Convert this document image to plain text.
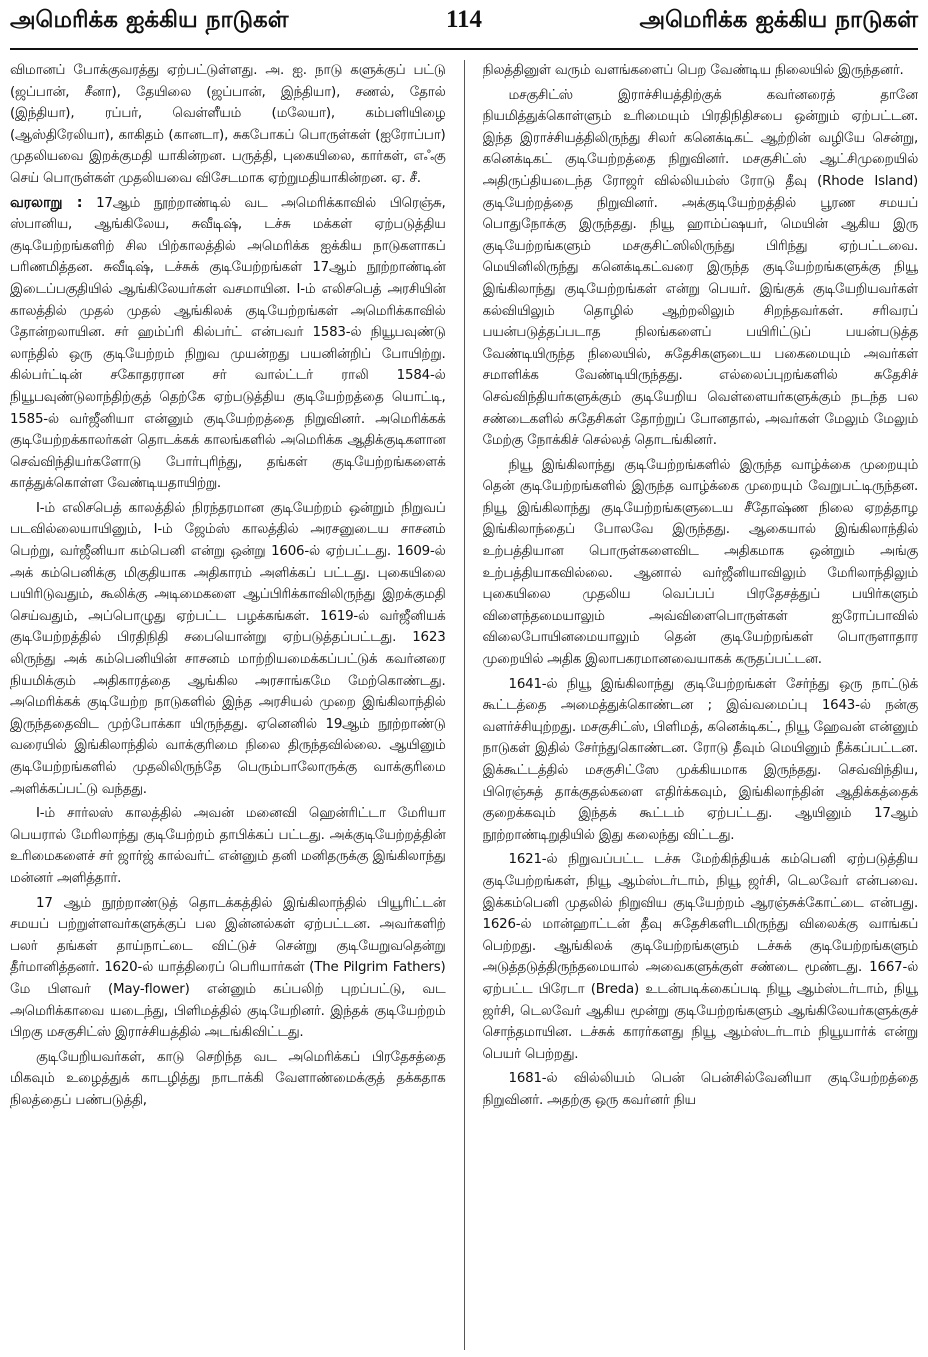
அமெரிக்க ஐக்கிய நாடுகள்	114	அமெரிக்க ஐக்கிய நாடுகள்

விமானப் போக்குவரத்து ஏற்பட்டுள்ளது. அ. ஐ. நாடு களுக்குப் பட்டு (ஜப்பான், சீனா), தேயிலை (ஜப்பான், இந்தியா), சணல், தோல் (இந்தியா), ரப்பர், வெள்ளீயம் (மலேயா), கம்பளியிழை (ஆஸ்திரேலியா), காகிதம் (கானடா), சுகபோகப் பொருள்கள் (ஐரோப்பா) முதலியவை இறக்குமதி யாகின்றன. பருத்தி, புகையிலை, கார்கள், எஃகு செய் பொருள்கள் முதலியவை விசேடமாக ஏற்றுமதியாகின்றன. ஏ. சீ.

வரலாறு : 17ஆம் நூற்றாண்டில் வட அமெரிக்காவில் பிரெஞ்சு, ஸ்பானிய, ஆங்கிலேய, சுவீடிஷ், டச்சு மக்கள் ஏற்படுத்திய குடியேற்றங்களிற் சில பிற்காலத்தில் அமெரிக்க ஐக்கிய நாடுகளாகப் பரிணமித்தன. சுவீடிஷ், டச்சுக் குடியேற்றங்கள் 17ஆம் நூற்றாண்டின் இடைப்பகுதியில் ஆங்கிலேயர்கள் வசமாயின. I-ம் எலிசபெத் அரசியின் காலத்தில் முதல் முதல் ஆங்கிலக் குடியேற்றங்கள் அமெரிக்காவில் தோன்றலாயின. சர் ஹம்ப்ரி கில்பர்ட் என்பவர் 1583-ல் நியூபவுண்டு லாந்தில் ஒரு குடியேற்றம் நிறுவ முயன்றது பயனின்றிப் போயிற்று. கில்பர்ட்டின் சகோதரரான சர் வால்ட்டர் ராலி 1584-ல் நியூபவுண்டுலாந்திற்குத் தெற்கே ஏற்படுத்திய குடியேற்றத்தை யொட்டி, 1585-ல் வர்ஜீனியா என்னும் குடியேற்றத்தை நிறுவினர். அமெரிக்கக் குடியேற்றக்காலர்கள் தொடக்கக் காலங்களில் அமெரிக்க ஆதிக்குடிகளான செவ்விந்தியர்களோடு போர்புரிந்து, தங்கள் குடியேற்றங்களைக் காத்துக்கொள்ள வேண்டியதாயிற்று.

I-ம் எலிசபெத் காலத்தில் நிரந்தரமான குடியேற்றம் ஒன்றும் நிறுவப் படவில்லையாயினும், I-ம் ஜேம்ஸ் காலத்தில் அரசனுடைய சாசனம் பெற்று, வர்ஜீனியா கம்பெனி என்று ஒன்று 1606-ல் ஏற்பட்டது. 1609-ல் அக் கம்பெனிக்கு மிகுதியாக அதிகாரம் அளிக்கப் பட்டது. புகையிலை பயிரிடுவதும், கூலிக்கு அடிமைகளை ஆப்பிரிக்காவிலிருந்து இறக்குமதி செய்வதும், அப்பொழுது ஏற்பட்ட பழக்கங்கள். 1619-ல் வர்ஜீனியக் குடியேற்றத்தில் பிரதிநிதி சபையொன்று ஏற்படுத்தப்பட்டது. 1623 லிருந்து அக் கம்பெனியின் சாசனம் மாற்றியமைக்கப்பட்டுக் கவர்னரை நியமிக்கும் அதிகாரத்தை ஆங்கில அரசாங்கமே மேற்கொண்டது. அமெரிக்கக் குடியேற்ற நாடுகளில் இந்த அரசியல் முறை இங்கிலாந்தில் இருந்ததைவிட முற்போக்கா யிருந்தது. ஏனெனில் 19ஆம் நூற்றாண்டு வரையில் இங்கிலாந்தில் வாக்குரிமை நிலை திருந்தவில்லை. ஆயினும் குடியேற்றங்களில் முதலிலிருந்தே பெரும்பாலோருக்கு வாக்குரிமை அளிக்கப்பட்டு வந்தது.

I-ம் சார்லஸ் காலத்தில் அவன் மனைவி ஹென்ரிட்டா மேரியா பெயரால் மேரிலாந்து குடியேற்றம் தாபிக்கப் பட்டது. அக்குடியேற்றத்தின் உரிமைகளைச் சர் ஜார்ஜ் கால்வர்ட் என்னும் தனி மனிதருக்கு இங்கிலாந்து மன்னர் அளித்தார்.

17 ஆம் நூற்றாண்டுத் தொடக்கத்தில் இங்கிலாந்தில் பியூரிட்டன் சமயப் பற்றுள்ளவர்களுக்குப் பல இன்னல்கள் ஏற்பட்டன. அவர்களிற் பலர் தங்கள் தாய்நாட்டை விட்டுச் சென்று குடியேறுவதென்று தீர்மானித்தனர். 1620-ல் யாத்திரைப் பெரியார்கள் (The Pilgrim Fathers) மே பிளவர் (May-flower) என்னும் கப்பலிற் புறப்பட்டு, வட அமெரிக்காவை யடைந்து, பிளிமத்தில் குடியேறினர். இந்தக் குடியேற்றம் பிறகு மசகுசிட்ஸ் இராச்சியத்தில் அடங்கிவிட்டது.

குடியேறியவர்கள், காடு செறிந்த வட அமெரிக்கப் பிரதேசத்தை மிகவும் உழைத்துக் காடழித்து நாடாக்கி வேளாண்மைக்குத் தக்கதாக நிலத்தைப் பண்படுத்தி,

நிலத்தினுள் வரும் வளங்களைப் பெற வேண்டிய நிலையில் இருந்தனர்.

மசகுசிட்ஸ் இராச்சியத்திற்குக் கவர்னரைத் தானே நியமித்துக்கொள்ளும் உரிமையும் பிரதிநிதிசபை ஒன்றும் ஏற்பட்டன. இந்த இராச்சியத்திலிருந்து சிலர் கனெக்டிகட் ஆற்றின் வழியே சென்று, கனெக்டிகட் குடியேற்றத்தை நிறுவினர். மசகுசிட்ஸ் ஆட்சிமுறையில் அதிருப்தியடைந்த ரோஜர் வில்லியம்ஸ் ரோடு தீவு (Rhode Island) குடியேற்றத்தை நிறுவினர். அக்குடியேற்றத்தில் பூரண சமயப் பொதுநோக்கு இருந்தது. நியூ ஹாம்ப்ஷயர், மெயின் ஆகிய இரு குடியேற்றங்களும் மசகுசிட்ஸிலிருந்து பிரிந்து ஏற்பட்டவை. மெயினிலிருந்து கனெக்டிகட்வரை இருந்த குடியேற்றங்களுக்கு நியூ இங்கிலாந்து குடியேற்றங்கள் என்று பெயர். இங்குக் குடியேறியவர்கள் கல்வியிலும் தொழில் ஆற்றலிலும் சிறந்தவர்கள். சரிவரப் பயன்படுத்தப்படாத நிலங்களைப் பயிரிட்டுப் பயன்படுத்த வேண்டியிருந்த நிலையில், சுதேசிகளுடைய பகைமையும் அவர்கள் சமாளிக்க வேண்டியிருந்தது. எல்லைப்புறங்களில் சுதேசிச் செவ்விந்தியர்களுக்கும் குடியேறிய வெள்ளையர்களுக்கும் நடந்த பல சண்டைகளில் சுதேசிகள் தோற்றுப் போனதால், அவர்கள் மேலும் மேலும் மேற்கு நோக்கிச் செல்லத் தொடங்கினர்.

நியூ இங்கிலாந்து குடியேற்றங்களில் இருந்த வாழ்க்கை முறையும் தென் குடியேற்றங்களில் இருந்த வாழ்க்கை முறையும் வேறுபட்டிருந்தன. நியூ இங்கிலாந்து குடியேற்றங்களுடைய சீதோஷ்ண நிலை ஏறத்தாழ இங்கிலாந்தைப் போலவே இருந்தது. ஆகையால் இங்கிலாந்தில் உற்பத்தியான பொருள்களைவிட அதிகமாக ஒன்றும் அங்கு உற்பத்தியாகவில்லை. ஆனால் வர்ஜீனியாவிலும் மேரிலாந்திலும் புகையிலை முதலிய வெப்பப் பிரதேசத்துப் பயிர்களும் விளைந்தமையாலும் அவ்விளைபொருள்கள் ஐரோப்பாவில் விலைபோயினமையாலும் தென் குடியேற்றங்கள் பொருளாதார முறையில் அதிக இலாபகரமானவையாகக் கருதப்பட்டன.

1641-ல் நியூ இங்கிலாந்து குடியேற்றங்கள் சேர்ந்து ஒரு நாட்டுக் கூட்டத்தை அமைத்துக்கொண்டன ; இவ்வமைப்பு 1643-ல் நன்கு வளர்ச்சியுற்றது. மசகுசிட்ஸ், பிளிமத், கனெக்டிகட், நியூ ஹேவன் என்னும் நாடுகள் இதில் சேர்ந்துகொண்டன. ரோடு தீவும் மெயினும் நீக்கப்பட்டன. இக்கூட்டத்தில் மசகுசிட்ஸே முக்கியமாக இருந்தது. செவ்விந்திய, பிரெஞ்சுத் தாக்குதல்களை எதிர்க்கவும், இங்கிலாந்தின் ஆதிக்கத்தைக் குறைக்கவும் இந்தக் கூட்டம் ஏற்பட்டது. ஆயினும் 17ஆம் நூற்றாண்டிறுதியில் இது கலைந்து விட்டது.

1621-ல் நிறுவப்பட்ட டச்சு மேற்கிந்தியக் கம்பெனி ஏற்படுத்திய குடியேற்றங்கள், நியூ ஆம்ஸ்டர்டாம், நியூ ஜர்சி, டெலவேர் என்பவை. இக்கம்பெனி முதலில் நிறுவிய குடியேற்றம் ஆரஞ்சுக்கோட்டை என்பது. 1626-ல் மான்ஹாட்டன் தீவு சுதேசிகளிடமிருந்து விலைக்கு வாங்கப் பெற்றது. ஆங்கிலக் குடியேற்றங்களும் டச்சுக் குடியேற்றங்களும் அடுத்தடுத்திருந்தமையால் அவைகளுக்குள் சண்டை மூண்டது. 1667-ல் ஏற்பட்ட பிரேடா (Breda) உடன்படிக்கைப்படி நியூ ஆம்ஸ்டர்டாம், நியூ ஜர்சி, டெலவேர் ஆகிய மூன்று குடியேற்றங்களும் ஆங்கிலேயர்களுக்குச் சொந்தமாயின. டச்சுக் காரர்களது நியூ ஆம்ஸ்டர்டாம் நியூயார்க் என்று பெயர் பெற்றது.

1681-ல் வில்லியம் பென் பென்சில்வேனியா குடியேற்றத்தை நிறுவினர். அதற்கு ஒரு கவர்னர் நிய
